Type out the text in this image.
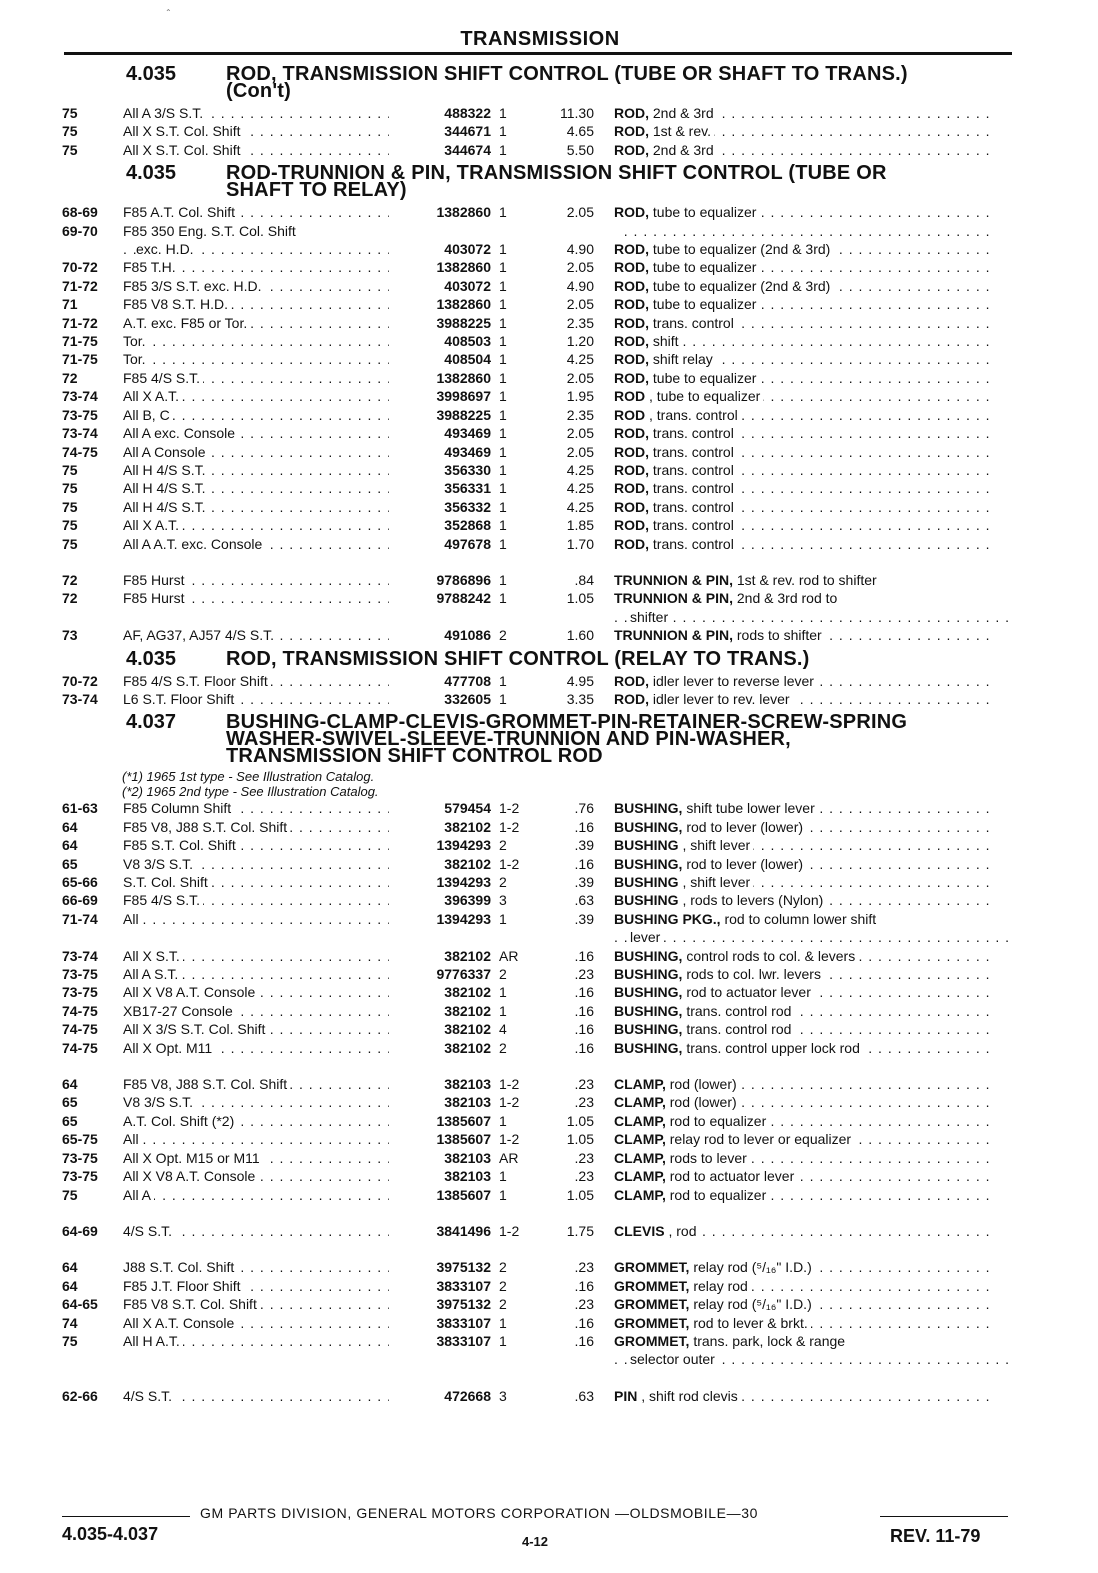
⌃
TRANSMISSION
4.035	ROD, TRANSMISSION SHIFT CONTROL (TUBE OR SHAFT TO TRANS.)
(Con't)
75	All A 3/S S.T. . . .	488322 1	11.30	ROD, 2nd & 3rd . . .
75	All X S.T. Col. Shift . . .	344671 1	4.65	ROD, 1st & rev. . . .
75	All X S.T. Col. Shift . . .	344674 1	5.50	ROD, 2nd & 3rd . . .
4.035	ROD-TRUNNION & PIN, TRANSMISSION SHIFT CONTROL (TUBE OR
SHAFT TO RELAY)
68-69	F85 A.T. Col. Shift . . .	1382860 1	2.05	ROD, tube to equalizer . . .
69-70	F85 350 Eng. S.T. Col. Shift
. . .
exc. H.D. . . .	403072 1	4.90	ROD, tube to equalizer (2nd & 3rd) . . .
70-72	F85 T.H. . . .	1382860 1	2.05	ROD, tube to equalizer . . .
71-72	F85 3/S S.T. exc. H.D. . . .	403072 1	4.90	ROD, tube to equalizer (2nd & 3rd) . . .
71	F85 V8 S.T. H.D. . . .	1382860 1	2.05	ROD, tube to equalizer . . .
71-72	A.T. exc. F85 or Tor. . . .	3988225 1	2.35	ROD, trans. control . . .
71-75	Tor. . . .	408503 1	1.20	ROD, shift . . .
71-75	Tor. . . .	408504 1	4.25	ROD, shift relay . . .
72	F85 4/S S.T. . . .	1382860 1	2.05	ROD, tube to equalizer . . .
73-74	All X A.T. . . .	3998697 1	1.95	ROD , tube to equalizer . . .
73-75	All B, C . . .	3988225 1	2.35	ROD , trans. control . . .
73-74	All A exc. Console . . .	493469 1	2.05	ROD, trans. control . . .
74-75	All A Console . . .	493469 1	2.05	ROD, trans. control . . .
75	All H 4/S S.T. . . .	356330 1	4.25	ROD, trans. control . . .
75	All H 4/S S.T. . . .	356331 1	4.25	ROD, trans. control . . .
75	All H 4/S S.T. . . .	356332 1	4.25	ROD, trans. control . . .
75	All X A.T. . . .	352868 1	1.85	ROD, trans. control . . .
75	All A A.T. exc. Console . . .	497678 1	1.70	ROD, trans. control . . .
72	F85 Hurst . . .	9786896 1	.84	TRUNNION & PIN, 1st & rev. rod to shifter
72	F85 Hurst . . .	9788242 1	1.05	TRUNNION & PIN, 2nd & 3rd rod to
shifter . . .
73	AF, AG37, AJ57 4/S S.T. . . .	491086 2	1.60	TRUNNION & PIN, rods to shifter . . .
4.035	ROD, TRANSMISSION SHIFT CONTROL (RELAY TO TRANS.)
70-72	F85 4/S S.T. Floor Shift . . .	477708 1	4.95	ROD, idler lever to reverse lever . . .
73-74	L6 S.T. Floor Shift . . .	332605 1	3.35	ROD, idler lever to rev. lever . . .
4.037	BUSHING-CLAMP-CLEVIS-GROMMET-PIN-RETAINER-SCREW-SPRING
WASHER-SWIVEL-SLEEVE-TRUNNION AND PIN-WASHER,
TRANSMISSION SHIFT CONTROL ROD
(*1) 1965 1st type - See Illustration Catalog.
(*2) 1965 2nd type - See Illustration Catalog.
61-63	F85 Column Shift . . .	579454 1-2	.76	BUSHING, shift tube lower lever . . .
64	F85 V8, J88 S.T. Col. Shift . . .	382102 1-2	.16	BUSHING, rod to lever (lower) . . .
64	F85 S.T. Col. Shift . . .	1394293 2	.39	BUSHING , shift lever . . .
65	V8 3/S S.T. . . .	382102 1-2	.16	BUSHING, rod to lever (lower) . . .
65-66	S.T. Col. Shift . . .	1394293 2	.39	BUSHING , shift lever . . .
66-69	F85 4/S S.T. . . .	396399 3	.63	BUSHING , rods to levers (Nylon) . . .
71-74	All . . .	1394293 1	.39	BUSHING PKG., rod to column lower shift
lever . . .
73-74	All X S.T. . . .	382102 AR	.16	BUSHING, control rods to col. & levers . . .
73-75	All A S.T. . . .	9776337 2	.23	BUSHING, rods to col. lwr. levers . . .
73-75	All X V8 A.T. Console . . .	382102 1	.16	BUSHING, rod to actuator lever . . .
74-75	XB17-27 Console . . .	382102 1	.16	BUSHING, trans. control rod . . .
74-75	All X 3/S S.T. Col. Shift . . .	382102 4	.16	BUSHING, trans. control rod . . .
74-75	All X Opt. M11 . . .	382102 2	.16	BUSHING, trans. control upper lock rod . . .
64	F85 V8, J88 S.T. Col. Shift . . .	382103 1-2	.23	CLAMP, rod (lower) . . .
65	V8 3/S S.T. . . .	382103 1-2	.23	CLAMP, rod (lower) . . .
65	A.T. Col. Shift (*2) . . .	1385607 1	1.05	CLAMP, rod to equalizer . . .
65-75	All . . .	1385607 1-2	1.05	CLAMP, relay rod to lever or equalizer . . .
73-75	All X Opt. M15 or M11 . . .	382103 AR	.23	CLAMP, rods to lever . . .
73-75	All X V8 A.T. Console . . .	382103 1	.23	CLAMP, rod to actuator lever . . .
75	All A . . .	1385607 1	1.05	CLAMP, rod to equalizer . . .
64-69	4/S S.T. . . .	3841496 1-2	1.75	CLEVIS , rod . . .
64	J88 S.T. Col. Shift . . .	3975132 2	.23	GROMMET, relay rod (⁵/₁₆" I.D.) . . .
64	F85 J.T. Floor Shift . . .	3833107 2	.16	GROMMET, relay rod . . .
64-65	F85 V8 S.T. Col. Shift . . .	3975132 2	.23	GROMMET, relay rod (⁵/₁₆" I.D.) . . .
74	All X A.T. Console . . .	3833107 1	.16	GROMMET, rod to lever & brkt. . . .
75	All H A.T. . . .	3833107 1	.16	GROMMET, trans. park, lock & range
selector outer . . .
62-66	4/S S.T. . . .	472668 3	.63	PIN , shift rod clevis . . .
GM PARTS DIVISION, GENERAL MOTORS CORPORATION —OLDSMOBILE—30
4.035-4.037	4-12	REV. 11-79
